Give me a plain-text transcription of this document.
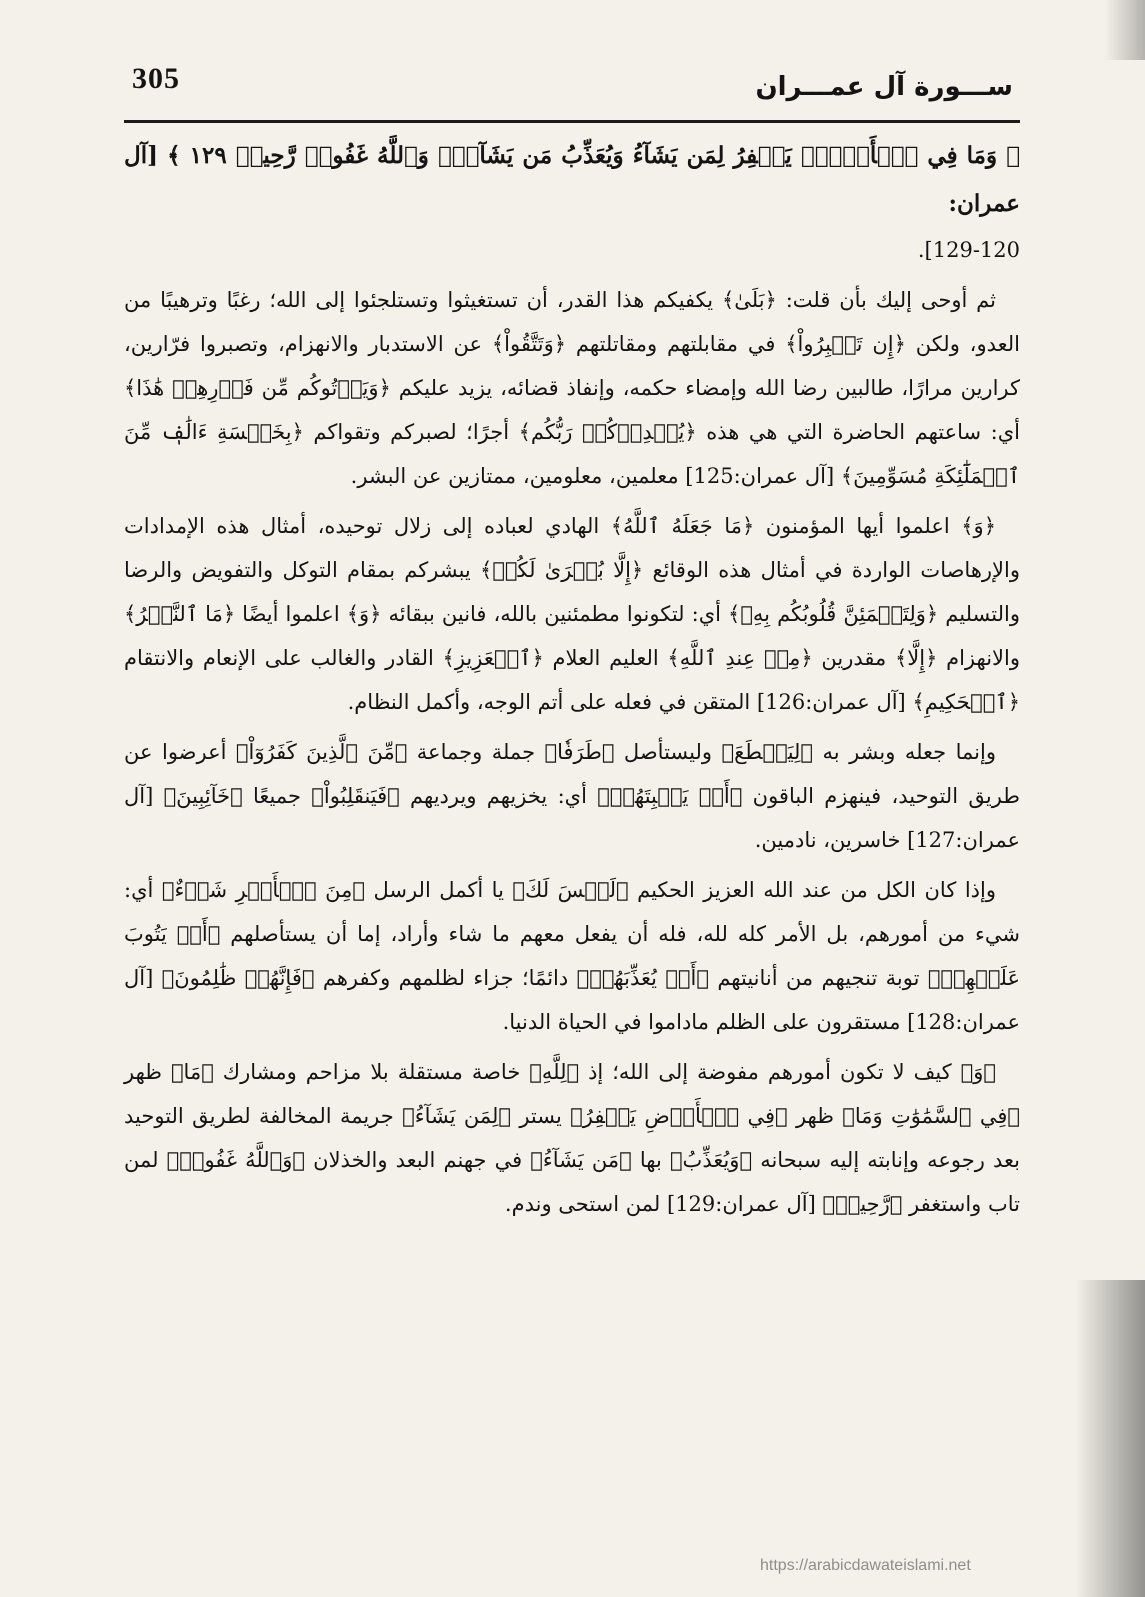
305	ســـورة آل عمـــران

﴿ وَمَا فِي ٱلۡأَرۡضِۚ يَغۡفِرُ لِمَن يَشَآءُ وَيُعَذِّبُ مَن يَشَآءُۚ وَٱللَّهُ غَفُورٞ رَّحِيمٞ ١٢٩ ﴾ [آل عمران:

129-120].

ثم أوحى إليك بأن قلت: ﴿بَلَىٰ﴾ يكفيكم هذا القدر، أن تستغيثوا وتستلجئوا إلى الله؛ رغبًا وترهيبًا من العدو، ولكن ﴿إِن تَصۡبِرُواْ﴾ في مقابلتهم ومقاتلتهم ﴿وَتَتَّقُواْ﴾ عن الاستدبار والانهزام، وتصبروا فرّارين، كرارين مرارًا، طالبين رضا الله وإمضاء حكمه، وإنفاذ قضائه، يزيد عليكم ﴿وَيَأۡتُوكُم مِّن فَوۡرِهِمۡ هَٰذَا﴾ أي: ساعتهم الحاضرة التي هي هذه ﴿يُمۡدِدۡكُمۡ رَبُّكُم﴾ أجرًا؛ لصبركم وتقواكم ﴿بِخَمۡسَةِ ءَالَٰفٖ مِّنَ ٱلۡمَلَٰٓئِكَةِ مُسَوِّمِينَ﴾ [آل عمران:125] معلمين، معلومين، ممتازين عن البشر.

﴿وَ﴾ اعلموا أيها المؤمنون ﴿مَا جَعَلَهُ ٱللَّهُ﴾ الهادي لعباده إلى زلال توحيده، أمثال هذه الإمدادات والإرهاصات الواردة في أمثال هذه الوقائع ﴿إِلَّا بُشۡرَىٰ لَكُمۡ﴾ يبشركم بمقام التوكل والتفويض والرضا والتسليم ﴿وَلِتَطۡمَئِنَّ قُلُوبُكُم بِهِۦ﴾ أي: لتكونوا مطمئنين بالله، فانين ببقائه ﴿وَ﴾ اعلموا أيضًا ﴿مَا ٱلنَّصۡرُ﴾ والانهزام ﴿إِلَّا﴾ مقدرين ﴿مِنۡ عِندِ ٱللَّهِ﴾ العليم العلام ﴿ٱلۡعَزِيزِ﴾ القادر والغالب على الإنعام والانتقام ﴿ٱلۡحَكِيمِ﴾ [آل عمران:126] المتقن في فعله على أتم الوجه، وأكمل النظام.

وإنما جعله وبشر به ﴿لِيَقۡطَعَ﴾ وليستأصل ﴿طَرَفٗا﴾ جملة وجماعة ﴿مِّنَ ٱلَّذِينَ كَفَرُوٓاْ﴾ أعرضوا عن طريق التوحيد، فينهزم الباقون ﴿أَوۡ يَكۡبِتَهُمۡ﴾ أي: يخزيهم ويرديهم ﴿فَيَنقَلِبُواْ﴾ جميعًا ﴿خَآئِبِينَ﴾ [آل عمران:127] خاسرين، نادمين.

وإذا كان الكل من عند الله العزيز الحكيم ﴿لَيۡسَ لَكَ﴾ يا أكمل الرسل ﴿مِنَ ٱلۡأَمۡرِ شَيۡءٌ﴾ أي: شيء من أمورهم، بل الأمر كله لله، فله أن يفعل معهم ما شاء وأراد، إما أن يستأصلهم ﴿أَوۡ يَتُوبَ عَلَيۡهِمۡ﴾ توبة تنجيهم من أنانيتهم ﴿أَوۡ يُعَذِّبَهُمۡ﴾ دائمًا؛ جزاء لظلمهم وكفرهم ﴿فَإِنَّهُمۡ ظَٰلِمُونَ﴾ [آل عمران:128] مستقرون على الظلم ماداموا في الحياة الدنيا.

﴿وَ﴾ كيف لا تكون أمورهم مفوضة إلى الله؛ إذ ﴿لِلَّهِ﴾ خاصة مستقلة بلا مزاحم ومشارك ﴿مَا﴾ ظهر ﴿فِي ٱلسَّمَٰوَٰتِ وَمَا﴾ ظهر ﴿فِي ٱلۡأَرۡضِ يَغۡفِرُ﴾ يستر ﴿لِمَن يَشَآءُ﴾ جريمة المخالفة لطريق التوحيد بعد رجوعه وإنابته إليه سبحانه ﴿وَيُعَذِّبُ﴾ بها ﴿مَن يَشَآءُ﴾ في جهنم البعد والخذلان ﴿وَٱللَّهُ غَفُورٞ﴾ لمن تاب واستغفر ﴿رَّحِيمٞ﴾ [آل عمران:129] لمن استحى وندم.

https://arabicdawateislami.net
